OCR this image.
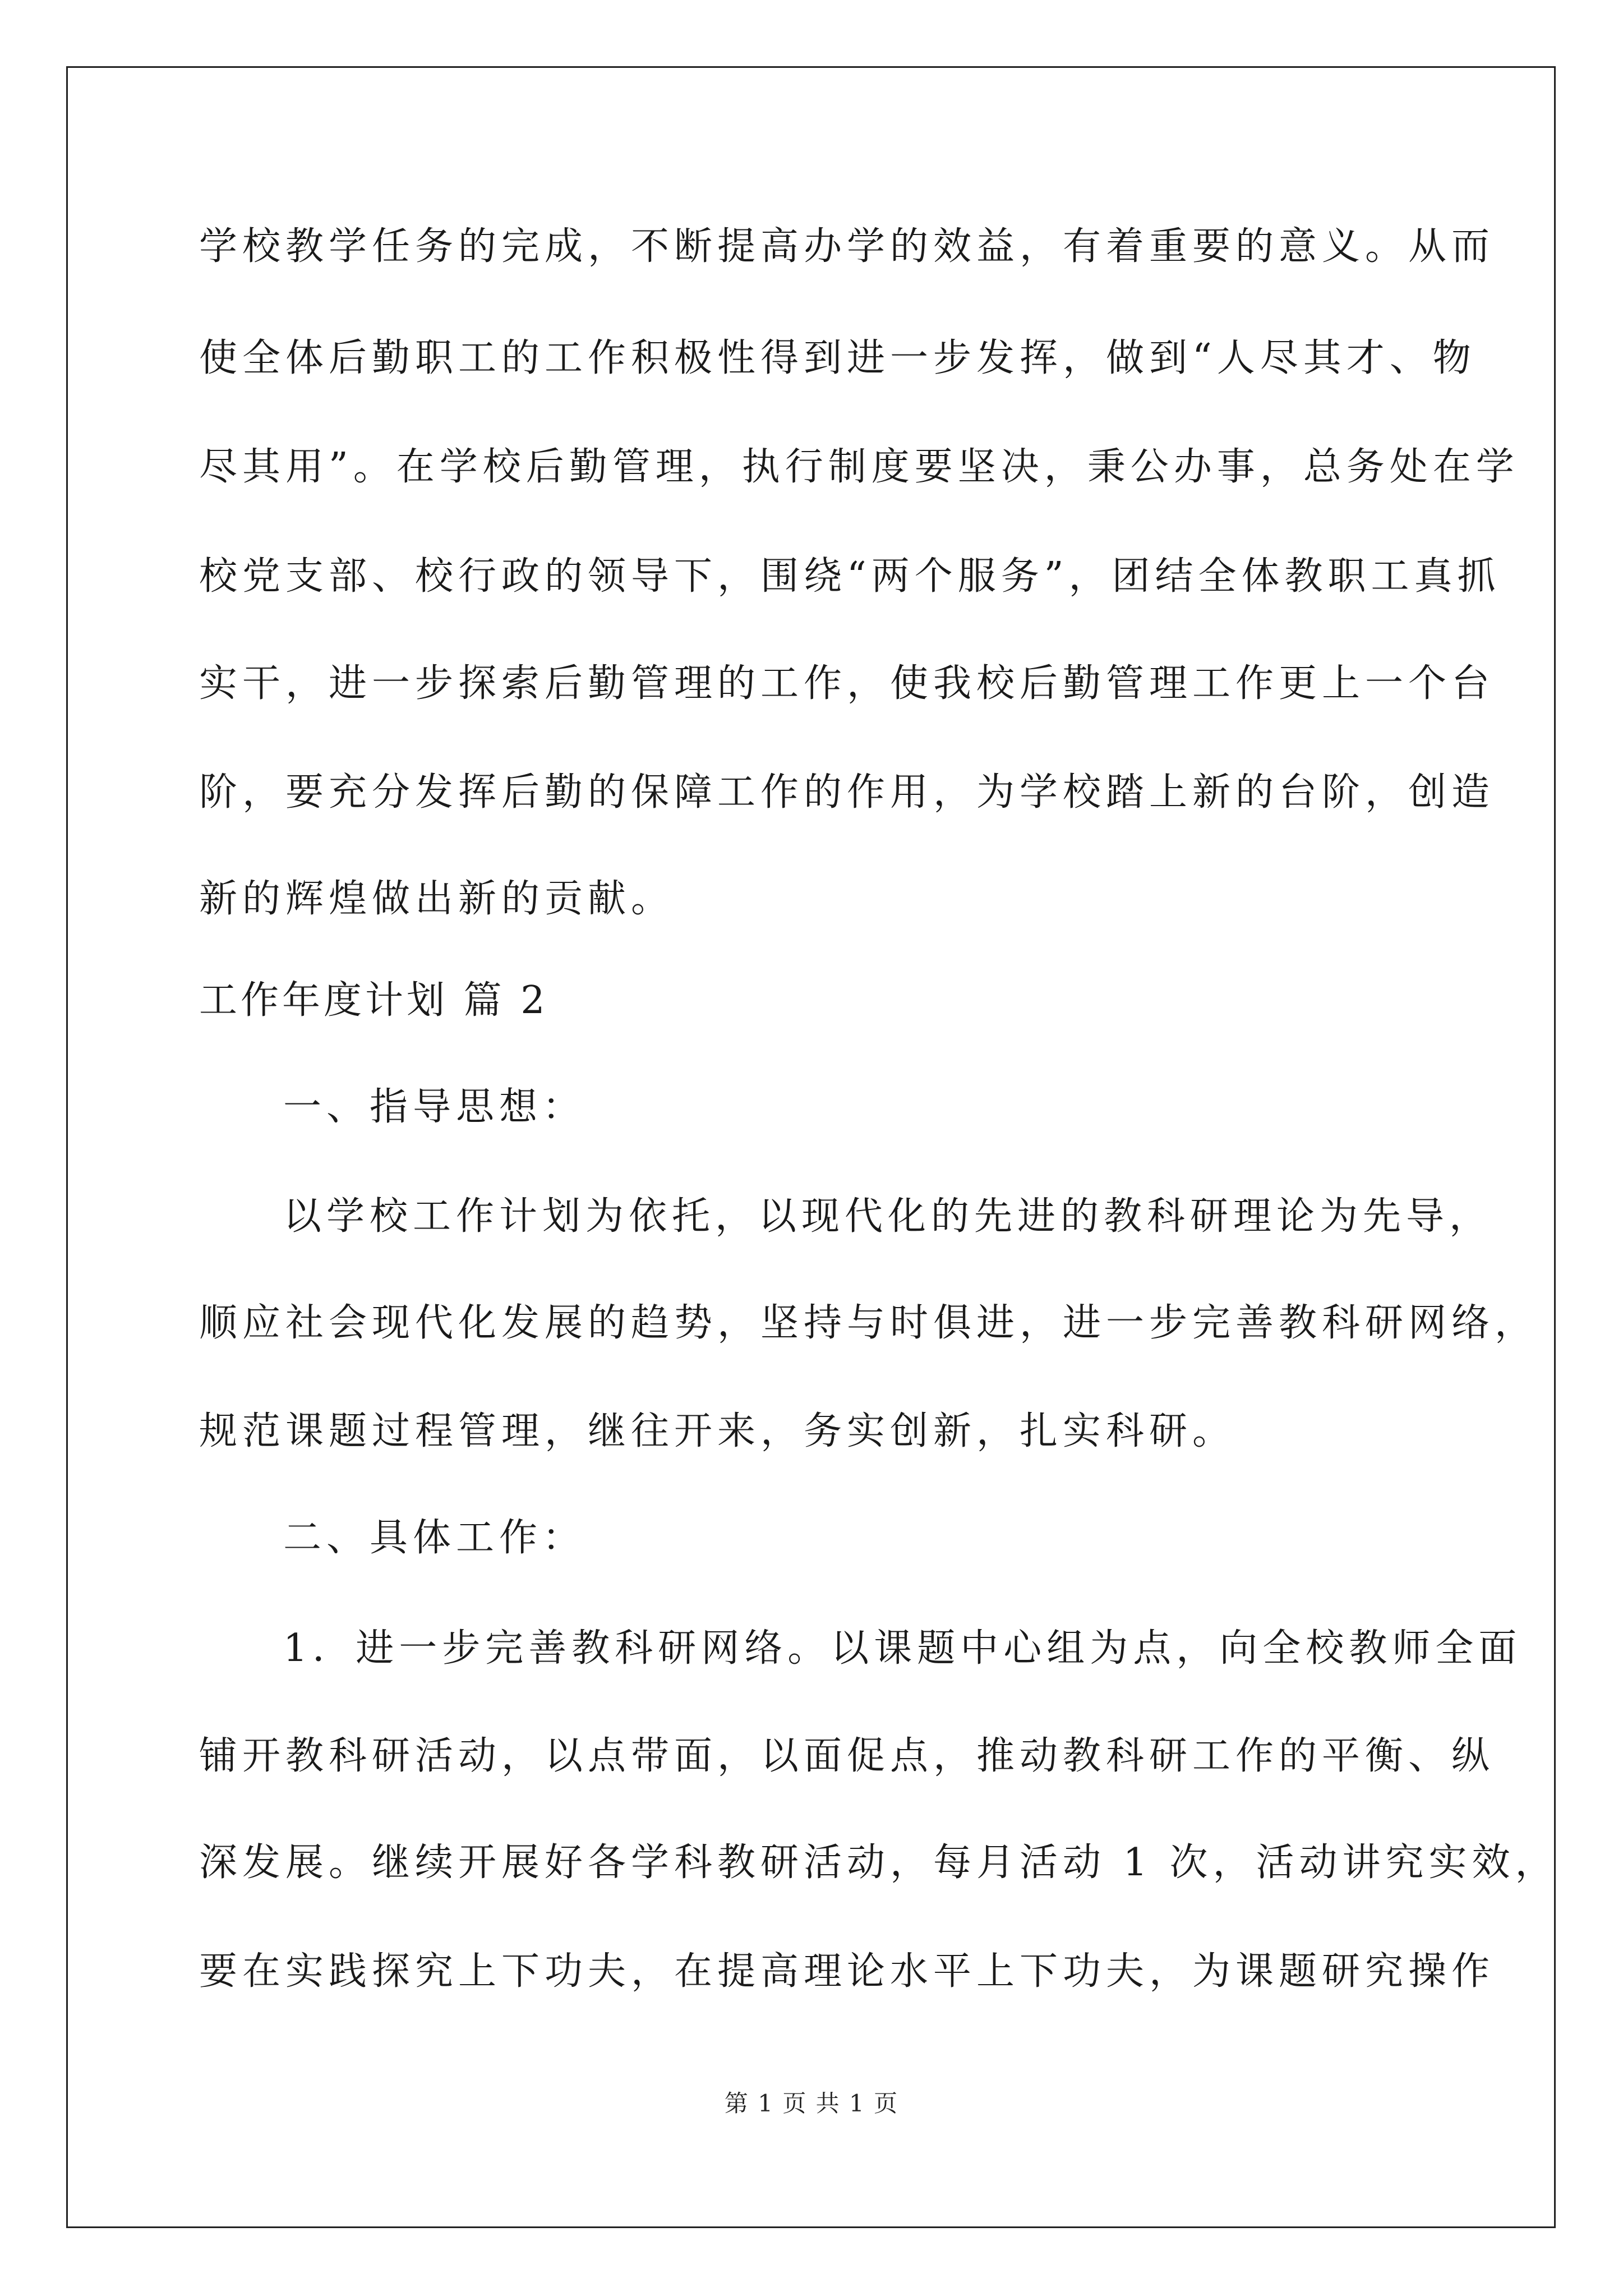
学校教学任务的完成，不断提高办学的效益，有着重要的意义。从而
使全体后勤职工的工作积极性得到进一步发挥，做到“人尽其才、物
尽其用”。在学校后勤管理，执行制度要坚决，秉公办事，总务处在学
校党支部、校行政的领导下，围绕“两个服务”，团结全体教职工真抓
实干，进一步探索后勤管理的工作，使我校后勤管理工作更上一个台
阶，要充分发挥后勤的保障工作的作用，为学校踏上新的台阶，创造
新的辉煌做出新的贡献。
工作年度计划 篇 2
一、指导思想：
以学校工作计划为依托，以现代化的先进的教科研理论为先导，
顺应社会现代化发展的趋势，坚持与时俱进，进一步完善教科研网络，
规范课题过程管理，继往开来，务实创新，扎实科研。
二、具体工作：
1．进一步完善教科研网络。以课题中心组为点，向全校教师全面
铺开教科研活动，以点带面，以面促点，推动教科研工作的平衡、纵
深发展。继续开展好各学科教研活动，每月活动 1 次，活动讲究实效，
要在实践探究上下功夫，在提高理论水平上下功夫，为课题研究操作
第 1 页 共 1 页
